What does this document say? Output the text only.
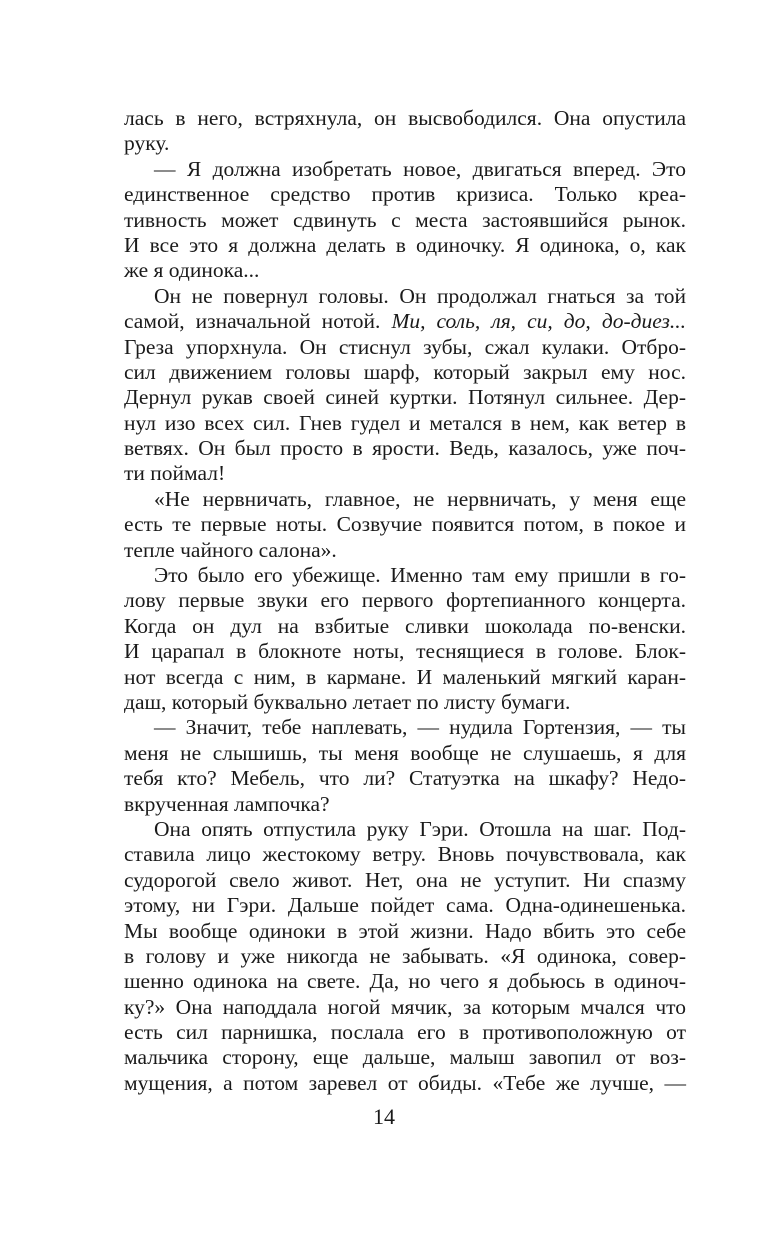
лась в него, встряхнула, он высвободился. Она опустила
руку.
— Я должна изобретать новое, двигаться вперед. Это
единственное средство против кризиса. Только креа-
тивность может сдвинуть с места застоявшийся рынок.
И все это я должна делать в одиночку. Я одинока, о, как
же я одинока...
Он не повернул головы. Он продолжал гнаться за той
самой, изначальной нотой. Ми, соль, ля, си, до, до-диез...
Греза упорхнула. Он стиснул зубы, сжал кулаки. Отбро-
сил движением головы шарф, который закрыл ему нос.
Дернул рукав своей синей куртки. Потянул сильнее. Дер-
нул изо всех сил. Гнев гудел и метался в нем, как ветер в
ветвях. Он был просто в ярости. Ведь, казалось, уже поч-
ти поймал!
«Не нервничать, главное, не нервничать, у меня еще
есть те первые ноты. Созвучие появится потом, в покое и
тепле чайного салона».
Это было его убежище. Именно там ему пришли в го-
лову первые звуки его первого фортепианного концерта.
Когда он дул на взбитые сливки шоколада по-венски.
И царапал в блокноте ноты, теснящиеся в голове. Блок-
нот всегда с ним, в кармане. И маленький мягкий каран-
даш, который буквально летает по листу бумаги.
— Значит, тебе наплевать, — нудила Гортензия, — ты
меня не слышишь, ты меня вообще не слушаешь, я для
тебя кто? Мебель, что ли? Статуэтка на шкафу? Недо-
вкрученная лампочка?
Она опять отпустила руку Гэри. Отошла на шаг. Под-
ставила лицо жестокому ветру. Вновь почувствовала, как
судорогой свело живот. Нет, она не уступит. Ни спазму
этому, ни Гэри. Дальше пойдет сама. Одна-одинешенька.
Мы вообще одиноки в этой жизни. Надо вбить это себе
в голову и уже никогда не забывать. «Я одинока, совер-
шенно одинока на свете. Да, но чего я добьюсь в одиноч-
ку?» Она наподдала ногой мячик, за которым мчался что
есть сил парнишка, послала его в противоположную от
мальчика сторону, еще дальше, малыш завопил от воз-
мущения, а потом заревел от обиды. «Тебе же лучше, —
14
